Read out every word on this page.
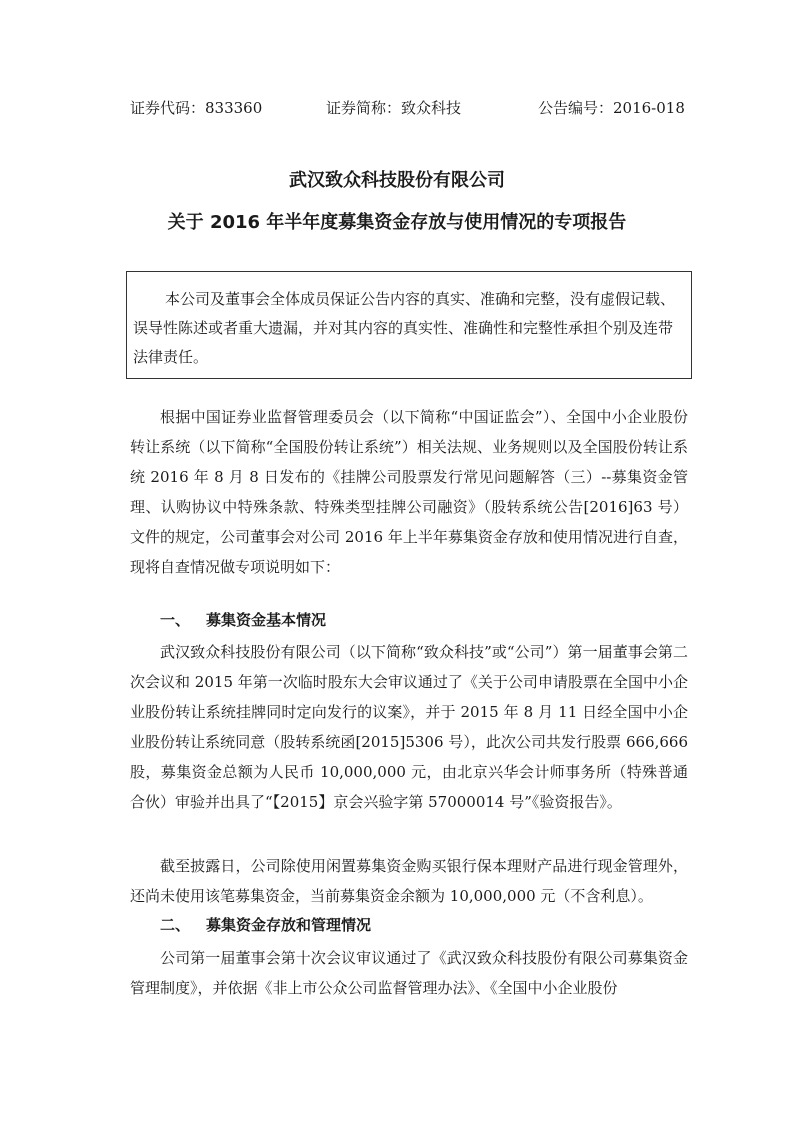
证券代码：833360	证券简称：致众科技	公告编号：2016-018
武汉致众科技股份有限公司
关于 2016 年半年度募集资金存放与使用情况的专项报告
本公司及董事会全体成员保证公告内容的真实、准确和完整，没有虚假记载、误导性陈述或者重大遗漏，并对其内容的真实性、准确性和完整性承担个别及连带法律责任。
根据中国证券业监督管理委员会（以下简称“中国证监会”）、全国中小企业股份转让系统（以下简称“全国股份转让系统”）相关法规、业务规则以及全国股份转让系统 2016 年 8 月 8 日发布的《挂牌公司股票发行常见问题解答（三）--募集资金管理、认购协议中特殊条款、特殊类型挂牌公司融资》（股转系统公告[2016]63 号）文件的规定，公司董事会对公司 2016 年上半年募集资金存放和使用情况进行自查，现将自查情况做专项说明如下：
一、 募集资金基本情况
武汉致众科技股份有限公司（以下简称“致众科技”或“公司”）第一届董事会第二次会议和 2015 年第一次临时股东大会审议通过了《关于公司申请股票在全国中小企业股份转让系统挂牌同时定向发行的议案》，并于 2015 年 8 月 11 日经全国中小企业股份转让系统同意（股转系统函[2015]5306 号），此次公司共发行股票 666,666 股，募集资金总额为人民币 10,000,000 元，由北京兴华会计师事务所（特殊普通合伙）审验并出具了“【2015】京会兴验字第 57000014 号”《验资报告》。
截至披露日，公司除使用闲置募集资金购买银行保本理财产品进行现金管理外，还尚未使用该笔募集资金，当前募集资金余额为 10,000,000 元（不含利息）。
二、 募集资金存放和管理情况
公司第一届董事会第十次会议审议通过了《武汉致众科技股份有限公司募集资金管理制度》，并依据《非上市公众公司监督管理办法》、《全国中小企业股份
